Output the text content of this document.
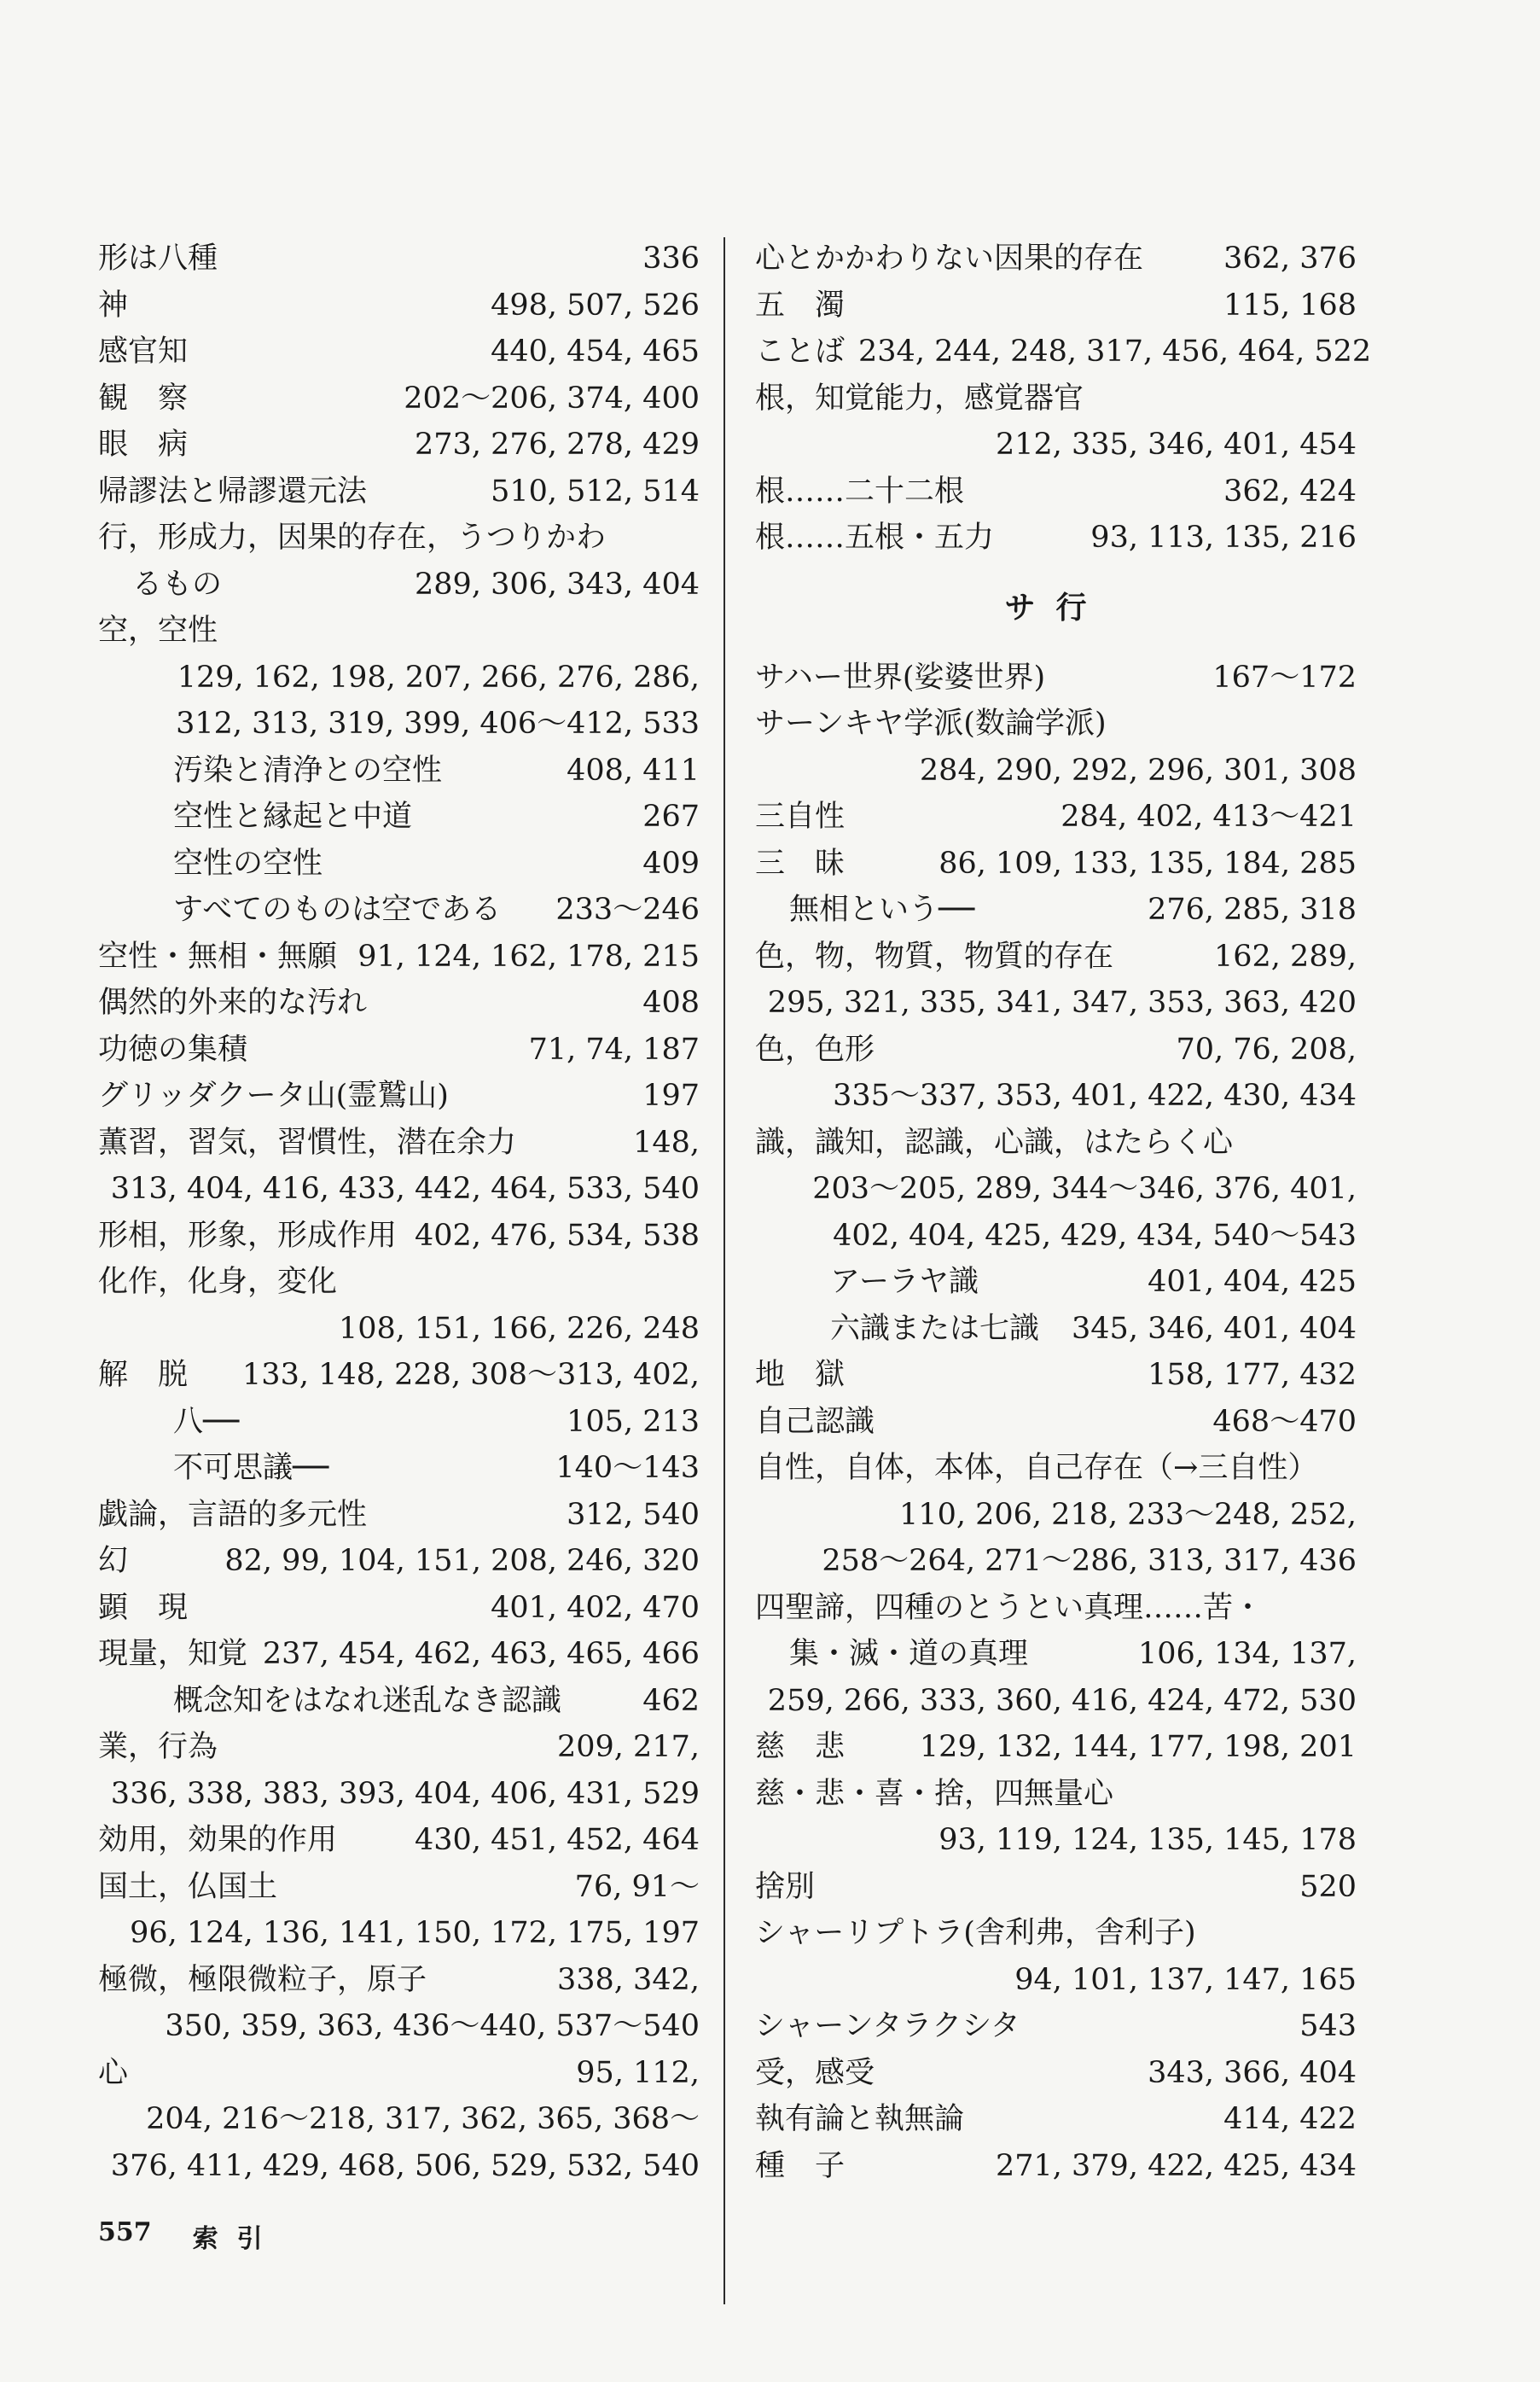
形は八種	336
神	498, 507, 526
感官知	440, 454, 465
観　察	202～206, 374, 400
眼　病	273, 276, 278, 429
帰謬法と帰謬還元法	510, 512, 514
行，形成力，因果的存在，うつりかわ
るもの	289, 306, 343, 404
空，空性
129, 162, 198, 207, 266, 276, 286,
312, 313, 319, 399, 406～412, 533
汚染と清浄との空性	408, 411
空性と縁起と中道	267
空性の空性	409
すべてのものは空である	233～246
空性・無相・無願 91, 124, 162, 178, 215
偶然的外来的な汚れ	408
功徳の集積	71, 74, 187
グリッダクータ山(霊鷲山)	197
薫習，習気，習慣性，潜在余力	148,
313, 404, 416, 433, 442, 464, 533, 540
形相，形象，形成作用 402, 476, 534, 538
化作，化身，変化
108, 151, 166, 226, 248
解　脱	133, 148, 228, 308～313, 402,
八──	105, 213
不可思議──	140～143
戯論，言語的多元性	312, 540
幻	82, 99, 104, 151, 208, 246, 320
顕　現	401, 402, 470
現量，知覚 237, 454, 462, 463, 465, 466
概念知をはなれ迷乱なき認識	462
業，行為	209, 217,
336, 338, 383, 393, 404, 406, 431, 529
効用，効果的作用	430, 451, 452, 464
国土，仏国土	76, 91～
96, 124, 136, 141, 150, 172, 175, 197
極微，極限微粒子，原子	338, 342,
350, 359, 363, 436～440, 537～540
心	95, 112,
204, 216～218, 317, 362, 365, 368～
376, 411, 429, 468, 506, 529, 532, 540
心とかかわりない因果的存在	362, 376
五　濁	115, 168
ことば 234, 244, 248, 317, 456, 464, 522
根，知覚能力，感覚器官
212, 335, 346, 401, 454
根……二十二根	362, 424
根……五根・五力	93, 113, 135, 216
サ行
サハー世界(娑婆世界)	167～172
サーンキヤ学派(数論学派)
284, 290, 292, 296, 301, 308
三自性	284, 402, 413～421
三　昧	86, 109, 133, 135, 184, 285
無相という──	276, 285, 318
色，物，物質，物質的存在	162, 289,
295, 321, 335, 341, 347, 353, 363, 420
色，色形	70, 76, 208,
335～337, 353, 401, 422, 430, 434
識，識知，認識，心識，はたらく心
203～205, 289, 344～346, 376, 401,
402, 404, 425, 429, 434, 540～543
アーラヤ識	401, 404, 425
六識または七識	345, 346, 401, 404
地　獄	158, 177, 432
自己認識	468～470
自性，自体，本体，自己存在（→三自性）
110, 206, 218, 233～248, 252,
258～264, 271～286, 313, 317, 436
四聖諦，四種のとうとい真理……苦・
集・滅・道の真理	106, 134, 137,
259, 266, 333, 360, 416, 424, 472, 530
慈　悲	129, 132, 144, 177, 198, 201
慈・悲・喜・捨，四無量心
93, 119, 124, 135, 145, 178
捨別	520
シャーリプトラ(舎利弗，舎利子)
94, 101, 137, 147, 165
シャーンタラクシタ	543
受，感受	343, 366, 404
執有論と執無論	414, 422
種　子	271, 379, 422, 425, 434
557 索引
